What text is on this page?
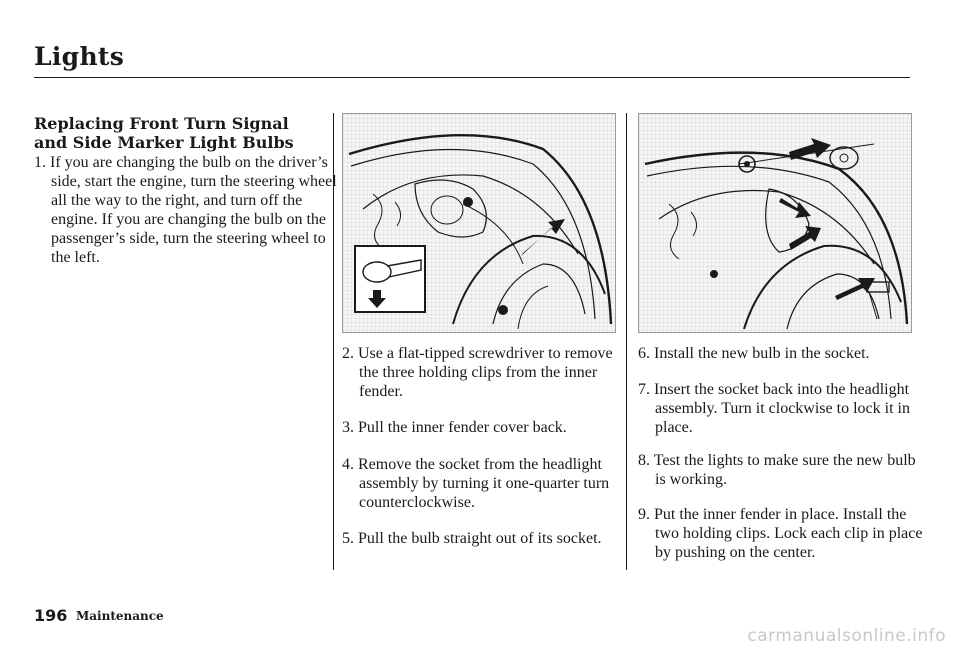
Lights
Replacing Front Turn Signal and Side Marker Light Bulbs

1. If you are changing the bulb on the driver’s side, start the engine, turn the steering wheel all the way to the right, and turn off the engine. If you are changing the bulb on the passenger’s side, turn the steering wheel to the left.

2. Use a flat-tipped screwdriver to remove the three holding clips from the inner fender.

3. Pull the inner fender cover back.

4. Remove the socket from the headlight assembly by turning it one-quarter turn counterclockwise.

5. Pull the bulb straight out of its socket.

6. Install the new bulb in the socket.

7. Insert the socket back into the headlight assembly. Turn it clockwise to lock it in place.

8. Test the lights to make sure the new bulb is working.

9. Put the inner fender in place. Install the two holding clips. Lock each clip in place by pushing on the center.

196 Maintenance
carmanualsonline.info
